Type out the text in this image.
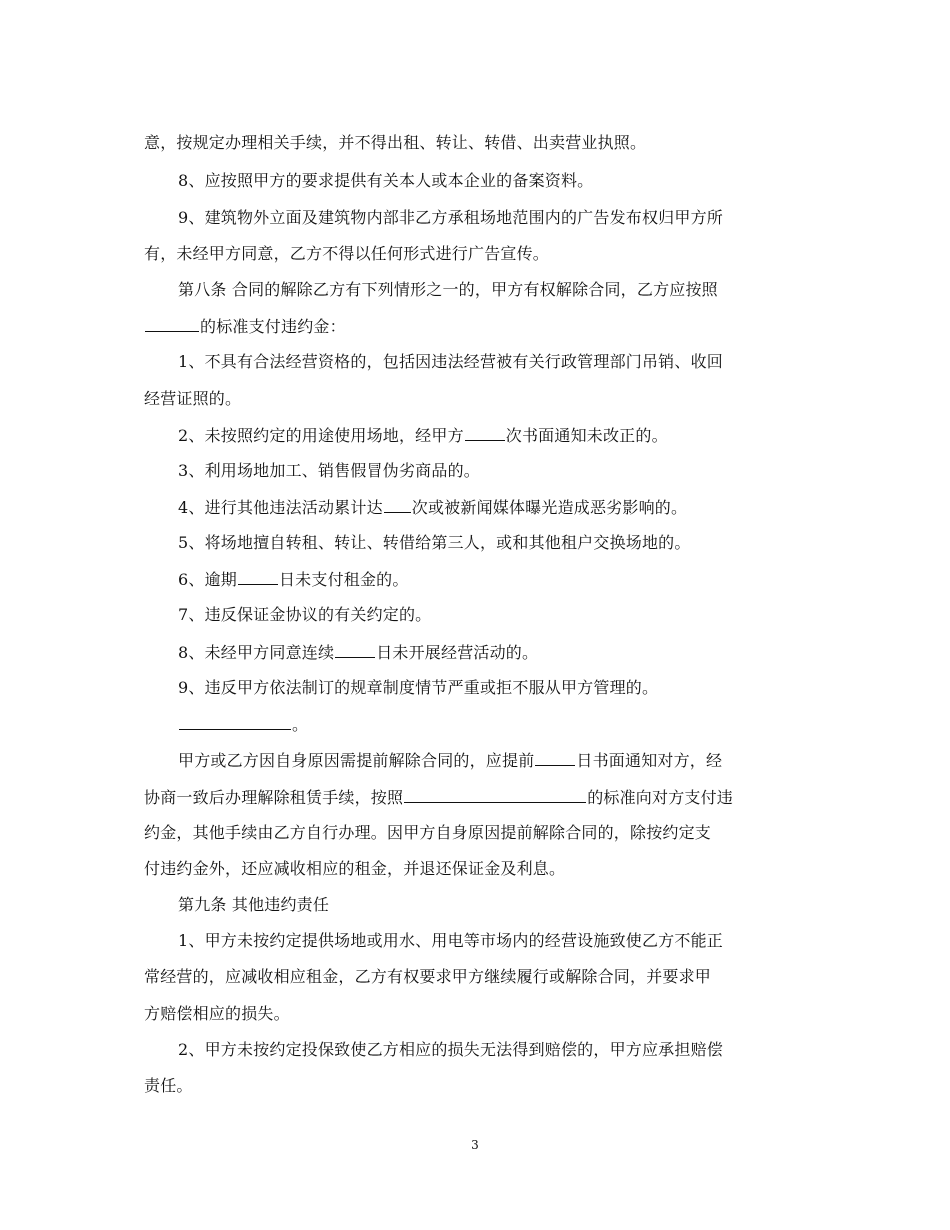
意，按规定办理相关手续，并不得出租、转让、转借、出卖营业执照。
8、应按照甲方的要求提供有关本人或本企业的备案资料。
9、建筑物外立面及建筑物内部非乙方承租场地范围内的广告发布权归甲方所
有，未经甲方同意，乙方不得以任何形式进行广告宣传。
第八条 合同的解除乙方有下列情形之一的，甲方有权解除合同，乙方应按照
的标准支付违约金：
1、不具有合法经营资格的，包括因违法经营被有关行政管理部门吊销、收回
经营证照的。
2、未按照约定的用途使用场地，经甲方	次书面通知未改正的。
3、利用场地加工、销售假冒伪劣商品的。
4、进行其他违法活动累计达 次或被新闻媒体曝光造成恶劣影响的。
5、将场地擅自转租、转让、转借给第三人，或和其他租户交换场地的。
6、逾期	日未支付租金的。
7、违反保证金协议的有关约定的。
8、未经甲方同意连续	日未开展经营活动的。
9、违反甲方依法制订的规章制度情节严重或拒不服从甲方管理的。
。
甲方或乙方因自身原因需提前解除合同的，应提前	日书面通知对方，经
协商一致后办理解除租赁手续，按照	的标准向对方支付违
约金，其他手续由乙方自行办理。因甲方自身原因提前解除合同的，除按约定支
付违约金外，还应减收相应的租金，并退还保证金及利息。
第九条 其他违约责任
1、甲方未按约定提供场地或用水、用电等市场内的经营设施致使乙方不能正
常经营的，应减收相应租金，乙方有权要求甲方继续履行或解除合同，并要求甲
方赔偿相应的损失。
2、甲方未按约定投保致使乙方相应的损失无法得到赔偿的，甲方应承担赔偿
责任。
3
